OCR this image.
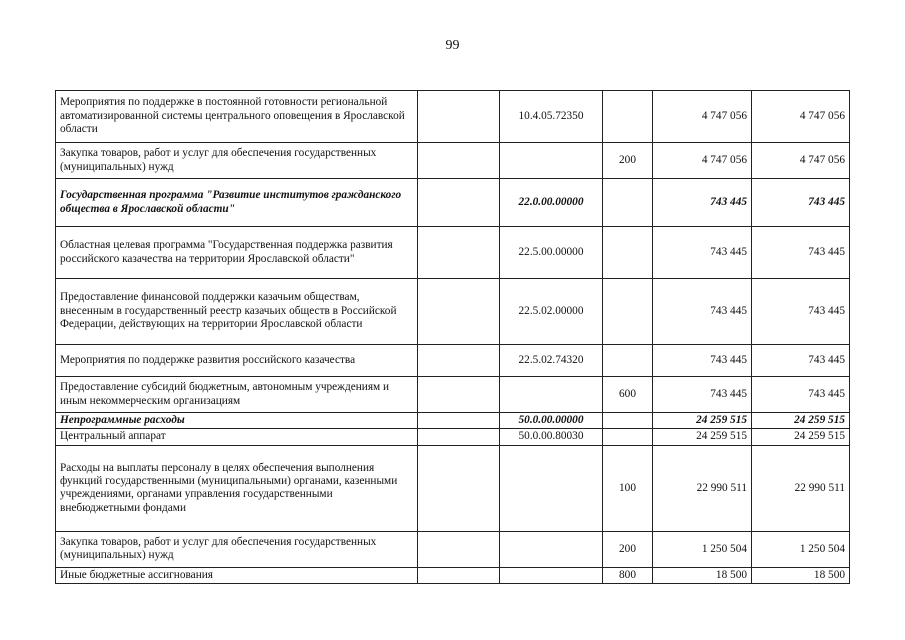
99
Мероприятия по поддержке в постоянной готовности региональной автоматизированной системы центрального оповещения в Ярославской области		10.4.05.72350		4 747 056	4 747 056
Закупка товаров, работ и услуг для обеспечения государственных (муниципальных) нужд			200	4 747 056	4 747 056
Государственная программа "Развитие институтов гражданского общества в Ярославской области"		22.0.00.00000		743 445	743 445
Областная целевая программа "Государственная поддержка развития российского казачества на территории Ярославской области"		22.5.00.00000		743 445	743 445
Предоставление финансовой поддержки казачьим обществам, внесенным в государственный реестр казачьих обществ в Российской Федерации, действующих на территории Ярославской области		22.5.02.00000		743 445	743 445
Мероприятия по поддержке развития российского казачества		22.5.02.74320		743 445	743 445
Предоставление субсидий бюджетным, автономным учреждениям и иным некоммерческим организациям			600	743 445	743 445
Непрограммные расходы		50.0.00.00000		24 259 515	24 259 515
Центральный аппарат		50.0.00.80030		24 259 515	24 259 515
Расходы на выплаты персоналу в целях обеспечения выполнения функций государственными (муниципальными) органами, казенными учреждениями, органами управления государственными внебюджетными фондами			100	22 990 511	22 990 511
Закупка товаров, работ и услуг для обеспечения государственных (муниципальных) нужд			200	1 250 504	1 250 504
Иные бюджетные ассигнования			800	18 500	18 500
